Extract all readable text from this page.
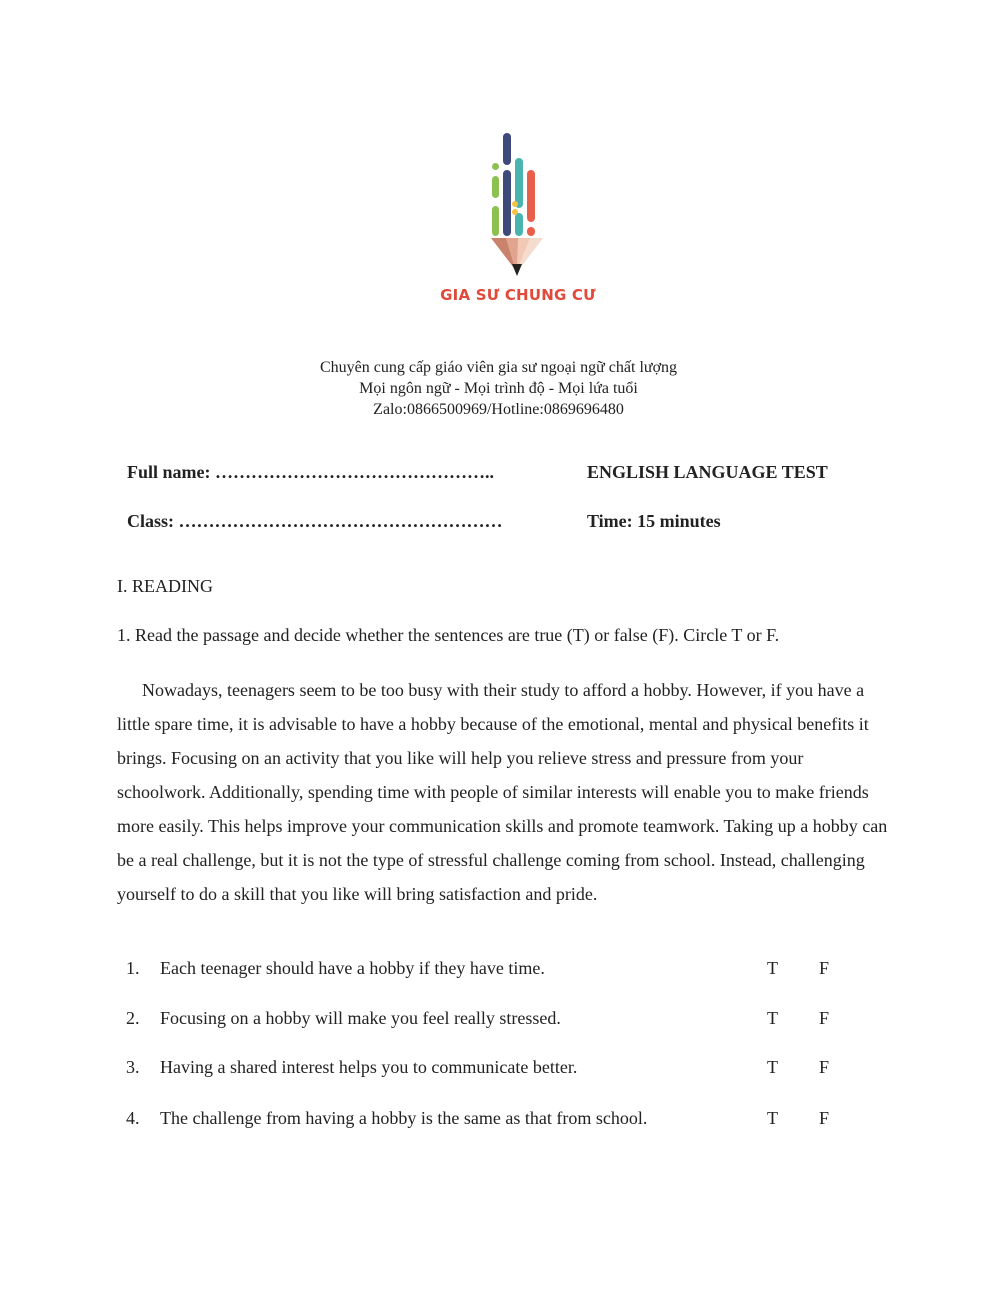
GIA SƯ CHUNG CƯ
Chuyên cung cấp giáo viên gia sư ngoại ngữ chất lượng
Mọi ngôn ngữ - Mọi trình độ - Mọi lứa tuổi
Zalo:0866500969/Hotline:0869696480
Full name: ………………………………………..
Class: ………………………………………………
ENGLISH LANGUAGE TEST
Time: 15 minutes
I. READING
1. Read the passage and decide whether the sentences are true (T) or false (F). Circle T or F.

Nowadays, teenagers seem to be too busy with their study to afford a hobby. However, if you have a little spare time, it is advisable to have a hobby because of the emotional, mental and physical benefits it brings. Focusing on an activity that you like will help you relieve stress and pressure from your schoolwork. Additionally, spending time with people of similar interests will enable you to make friends more easily. This helps improve your communication skills and promote teamwork. Taking up a hobby can be a real challenge, but it is not the type of stressful challenge coming from school. Instead, challenging yourself to do a skill that you like will bring satisfaction and pride.

1. Each teenager should have a hobby if they have time.	T F
2. Focusing on a hobby will make you feel really stressed.	T F
3. Having a shared interest helps you to communicate better.	T F
4. The challenge from having a hobby is the same as that from school.	T F
